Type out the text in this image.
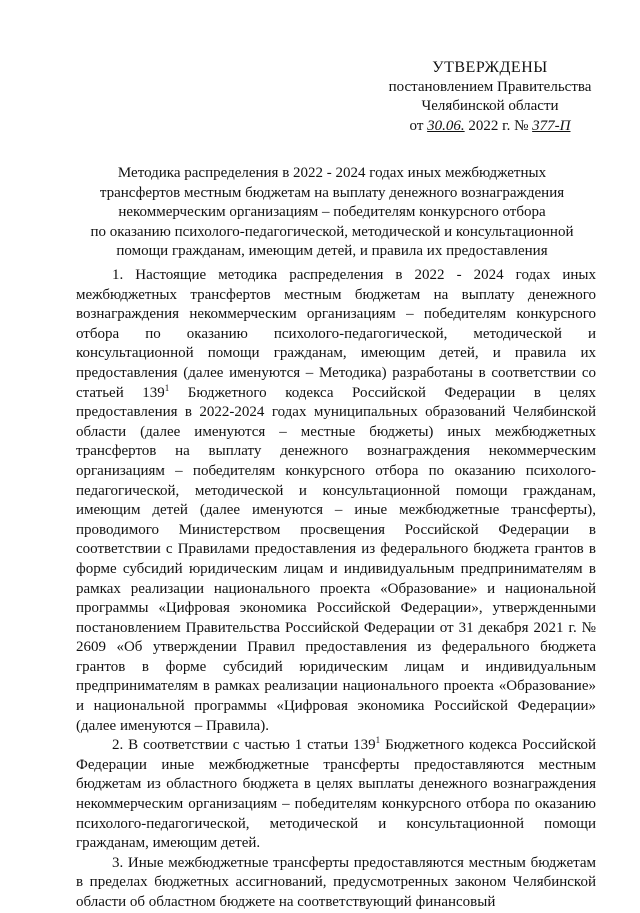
УТВЕРЖДЕНЫ
постановлением Правительства
Челябинской области
от 30.06. 2022 г. № 377-П
Методика распределения в 2022 - 2024 годах иных межбюджетных
трансфертов местным бюджетам на выплату денежного вознаграждения
некоммерческим организациям – победителям конкурсного отбора
по оказанию психолого-педагогической, методической и консультационной
помощи гражданам, имеющим детей, и правила их предоставления

1. Настоящие методика распределения в 2022 - 2024 годах иных межбюджетных трансфертов местным бюджетам на выплату денежного вознаграждения некоммерческим организациям – победителям конкурсного отбора по оказанию психолого-педагогической, методической и консультационной помощи гражданам, имеющим детей, и правила их предоставления (далее именуются – Методика) разработаны в соответствии со статьей $139^1$ Бюджетного кодекса Российской Федерации в целях предоставления в 2022-2024 годах муниципальных образований Челябинской области (далее именуются – местные бюджеты) иных межбюджетных трансфертов на выплату денежного вознаграждения некоммерческим организациям – победителям конкурсного отбора по оказанию психолого-педагогической, методической и консультационной помощи гражданам, имеющим детей (далее именуются – иные межбюджетные трансферты), проводимого Министерством просвещения Российской Федерации в соответствии с Правилами предоставления из федерального бюджета грантов в форме субсидий юридическим лицам и индивидуальным предпринимателям в рамках реализации национального проекта «Образование» и национальной программы «Цифровая экономика Российской Федерации», утвержденными постановлением Правительства Российской Федерации от 31 декабря 2021 г. № 2609 «Об утверждении Правил предоставления из федерального бюджета грантов в форме субсидий юридическим лицам и индивидуальным предпринимателям в рамках реализации национального проекта «Образование» и национальной программы «Цифровая экономика Российской Федерации» (далее именуются – Правила).

2. В соответствии с частью 1 статьи $139^1$ Бюджетного кодекса Российской Федерации иные межбюджетные трансферты предоставляются местным бюджетам из областного бюджета в целях выплаты денежного вознаграждения некоммерческим организациям – победителям конкурсного отбора по оказанию психолого-педагогической, методической и консультационной помощи гражданам, имеющим детей.

3. Иные межбюджетные трансферты предоставляются местным бюджетам в пределах бюджетных ассигнований, предусмотренных законом Челябинской области об областном бюджете на соответствующий финансовый
